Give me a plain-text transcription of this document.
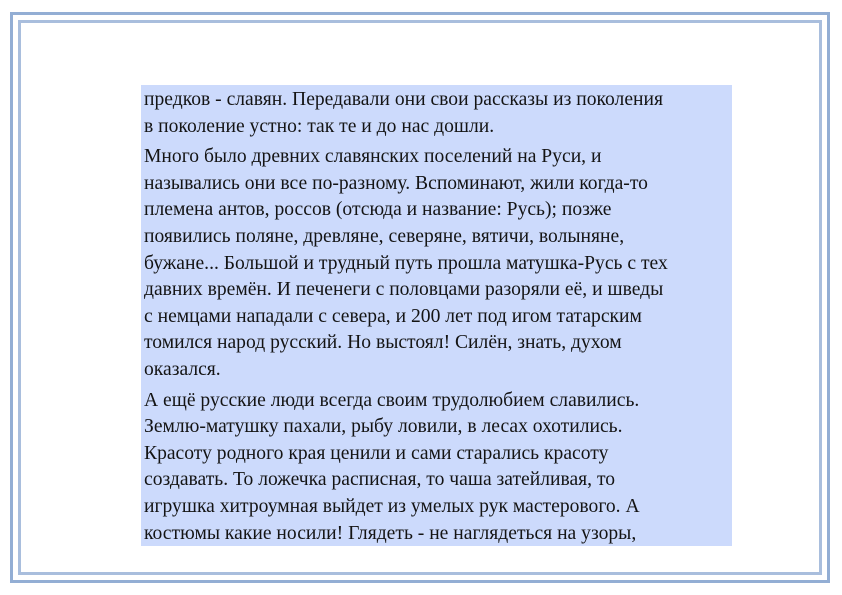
предков - славян. Передавали они свои рассказы из поколения
в поколение устно: так те и до нас дошли.

Много было древних славянских поселений на Руси, и
назывались они все по-разному. Вспоминают, жили когда-то
племена антов, россов (отсюда и название: Русь); позже
появились поляне, древляне, северяне, вятичи, волыняне,
бужане... Большой и трудный путь прошла матушка-Русь с тех
давних времён. И печенеги с половцами разоряли её, и шведы
с немцами нападали с севера, и 200 лет под игом татарским
томился народ русский. Но выстоял! Силён, знать, духом
оказался.

А ещё русские люди всегда своим трудолюбием славились.
Землю-матушку пахали, рыбу ловили, в лесах охотились.
Красоту родного края ценили и сами старались красоту
создавать. То ложечка расписная, то чаша затейливая, то
игрушка хитроумная выйдет из умелых рук мастерового. А
костюмы какие носили! Глядеть - не наглядеться на узоры,
